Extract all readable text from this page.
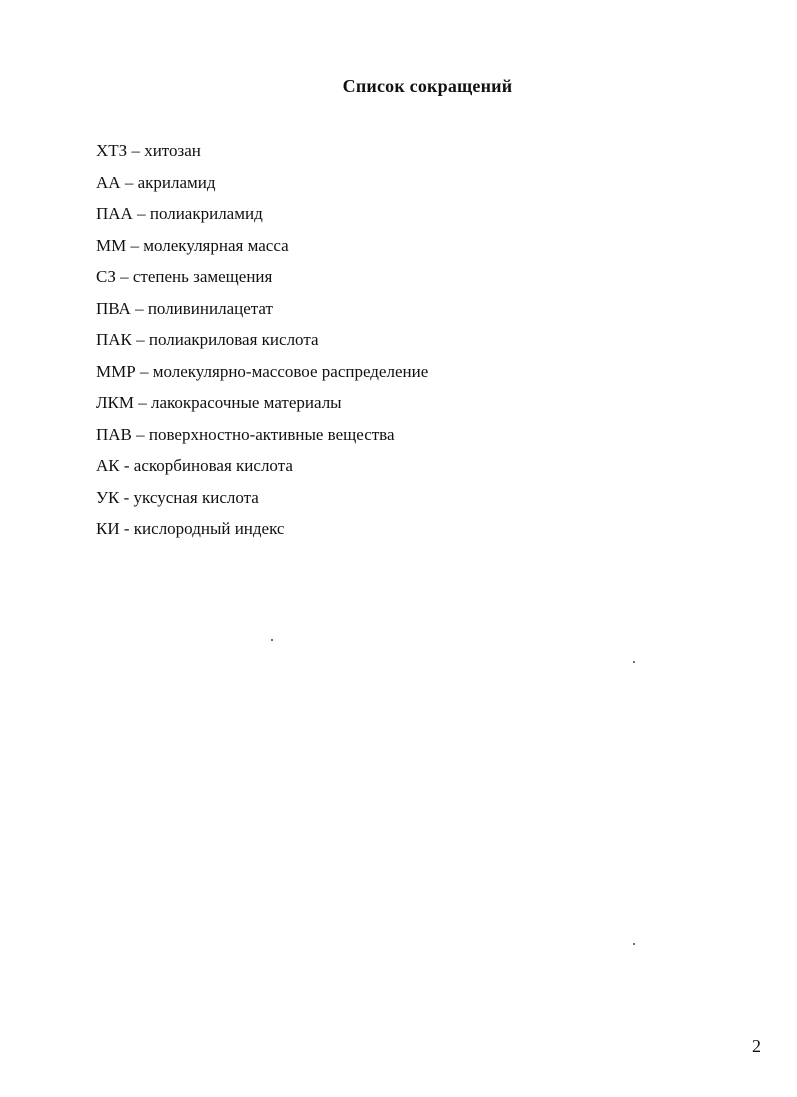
Список сокращений
ХТЗ – хитозан
АА – акриламид
ПАА – полиакриламид
ММ – молекулярная масса
СЗ – степень замещения
ПВА – поливинилацетат
ПАК – полиакриловая кислота
ММР – молекулярно-массовое распределение
ЛКМ – лакокрасочные материалы
ПАВ – поверхностно-активные вещества
АК - аскорбиновая кислота
УК - уксусная кислота
КИ - кислородный индекс
2
